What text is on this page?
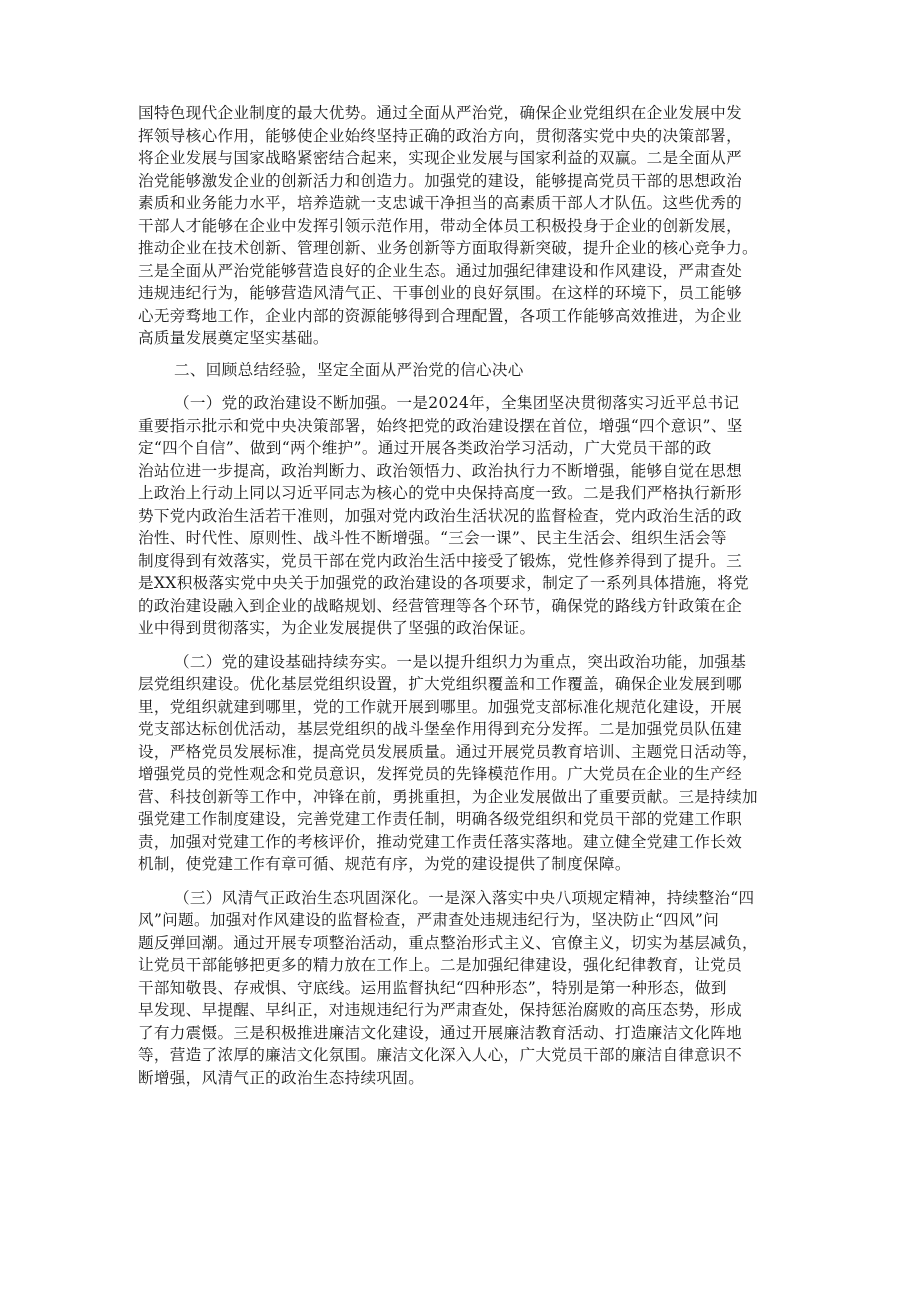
国特色现代企业制度的最大优势。通过全面从严治党，确保企业党组织在企业发展中发
挥领导核心作用，能够使企业始终坚持正确的政治方向，贯彻落实党中央的决策部署，
将企业发展与国家战略紧密结合起来，实现企业发展与国家利益的双赢。二是全面从严
治党能够激发企业的创新活力和创造力。加强党的建设，能够提高党员干部的思想政治
素质和业务能力水平，培养造就一支忠诚干净担当的高素质干部人才队伍。这些优秀的
干部人才能够在企业中发挥引领示范作用，带动全体员工积极投身于企业的创新发展，
推动企业在技术创新、管理创新、业务创新等方面取得新突破，提升企业的核心竞争力。
三是全面从严治党能够营造良好的企业生态。通过加强纪律建设和作风建设，严肃查处
违规违纪行为，能够营造风清气正、干事创业的良好氛围。在这样的环境下，员工能够
心无旁骛地工作，企业内部的资源能够得到合理配置，各项工作能够高效推进，为企业
高质量发展奠定坚实基础。
二、回顾总结经验，坚定全面从严治党的信心决心
（一）党的政治建设不断加强。一是2024年，全集团坚决贯彻落实习近平总书记
重要指示批示和党中央决策部署，始终把党的政治建设摆在首位，增强“四个意识”、坚
定“四个自信”、做到“两个维护”。通过开展各类政治学习活动，广大党员干部的政
治站位进一步提高，政治判断力、政治领悟力、政治执行力不断增强，能够自觉在思想
上政治上行动上同以习近平同志为核心的党中央保持高度一致。二是我们严格执行新形
势下党内政治生活若干准则，加强对党内政治生活状况的监督检查，党内政治生活的政
治性、时代性、原则性、战斗性不断增强。“三会一课”、民主生活会、组织生活会等
制度得到有效落实，党员干部在党内政治生活中接受了锻炼，党性修养得到了提升。三
是XX积极落实党中央关于加强党的政治建设的各项要求，制定了一系列具体措施，将党
的政治建设融入到企业的战略规划、经营管理等各个环节，确保党的路线方针政策在企
业中得到贯彻落实，为企业发展提供了坚强的政治保证。
（二）党的建设基础持续夯实。一是以提升组织力为重点，突出政治功能，加强基
层党组织建设。优化基层党组织设置，扩大党组织覆盖和工作覆盖，确保企业发展到哪
里，党组织就建到哪里，党的工作就开展到哪里。加强党支部标准化规范化建设，开展
党支部达标创优活动，基层党组织的战斗堡垒作用得到充分发挥。二是加强党员队伍建
设，严格党员发展标准，提高党员发展质量。通过开展党员教育培训、主题党日活动等，
增强党员的党性观念和党员意识，发挥党员的先锋模范作用。广大党员在企业的生产经
营、科技创新等工作中，冲锋在前，勇挑重担，为企业发展做出了重要贡献。三是持续加
强党建工作制度建设，完善党建工作责任制，明确各级党组织和党员干部的党建工作职
责，加强对党建工作的考核评价，推动党建工作责任落实落地。建立健全党建工作长效
机制，使党建工作有章可循、规范有序，为党的建设提供了制度保障。
（三）风清气正政治生态巩固深化。一是深入落实中央八项规定精神，持续整治“四
风”问题。加强对作风建设的监督检查，严肃查处违规违纪行为，坚决防止“四风”问
题反弹回潮。通过开展专项整治活动，重点整治形式主义、官僚主义，切实为基层减负，
让党员干部能够把更多的精力放在工作上。二是加强纪律建设，强化纪律教育，让党员
干部知敬畏、存戒惧、守底线。运用监督执纪“四种形态”，特别是第一种形态，做到
早发现、早提醒、早纠正，对违规违纪行为严肃查处，保持惩治腐败的高压态势，形成
了有力震慑。三是积极推进廉洁文化建设，通过开展廉洁教育活动、打造廉洁文化阵地
等，营造了浓厚的廉洁文化氛围。廉洁文化深入人心，广大党员干部的廉洁自律意识不
断增强，风清气正的政治生态持续巩固。
